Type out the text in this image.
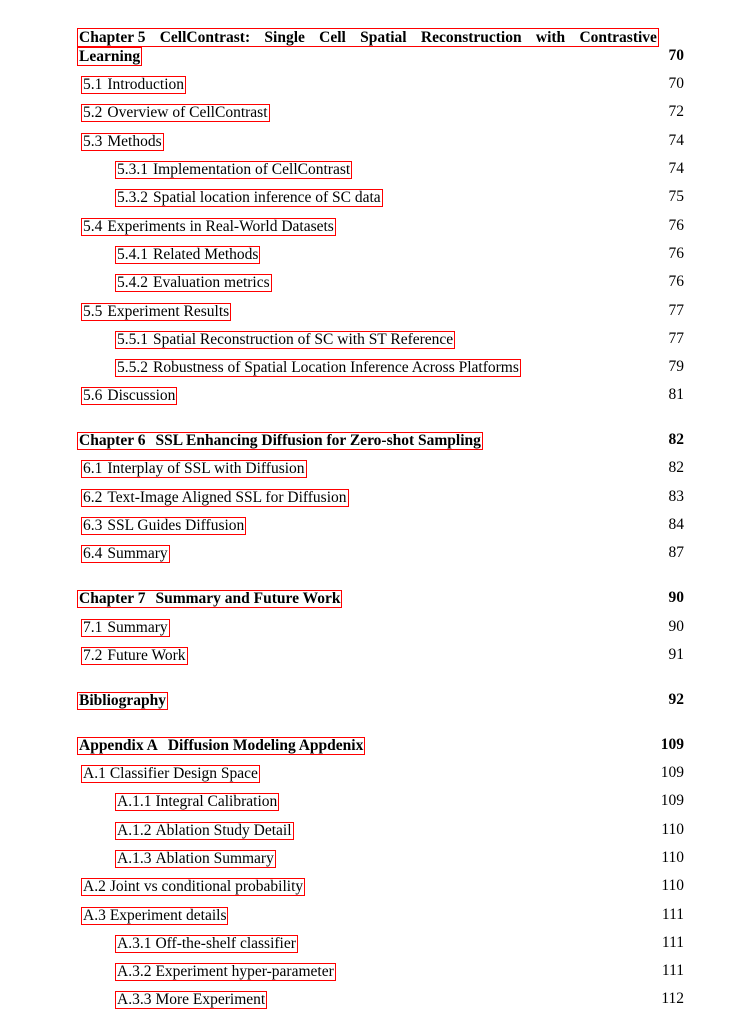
Chapter 5 CellContrast: Single Cell Spatial Reconstruction with Contrastive
Learning	70
5.1 Introduction	70
5.2 Overview of CellContrast	72
5.3 Methods	74
5.3.1 Implementation of CellContrast	74
5.3.2 Spatial location inference of SC data	75
5.4 Experiments in Real-World Datasets	76
5.4.1 Related Methods	76
5.4.2 Evaluation metrics	76
5.5 Experiment Results	77
5.5.1 Spatial Reconstruction of SC with ST Reference	77
5.5.2 Robustness of Spatial Location Inference Across Platforms	79
5.6 Discussion	81
Chapter 6 SSL Enhancing Diffusion for Zero-shot Sampling	82
6.1 Interplay of SSL with Diffusion	82
6.2 Text-Image Aligned SSL for Diffusion	83
6.3 SSL Guides Diffusion	84
6.4 Summary	87
Chapter 7 Summary and Future Work	90
7.1 Summary	90
7.2 Future Work	91
Bibliography	92
Appendix A Diffusion Modeling Appdenix	109
A.1 Classifier Design Space	109
A.1.1 Integral Calibration	109
A.1.2 Ablation Study Detail	110
A.1.3 Ablation Summary	110
A.2 Joint vs conditional probability	110
A.3 Experiment details	111
A.3.1 Off-the-shelf classifier	111
A.3.2 Experiment hyper-parameter	111
A.3.3 More Experiment	112
